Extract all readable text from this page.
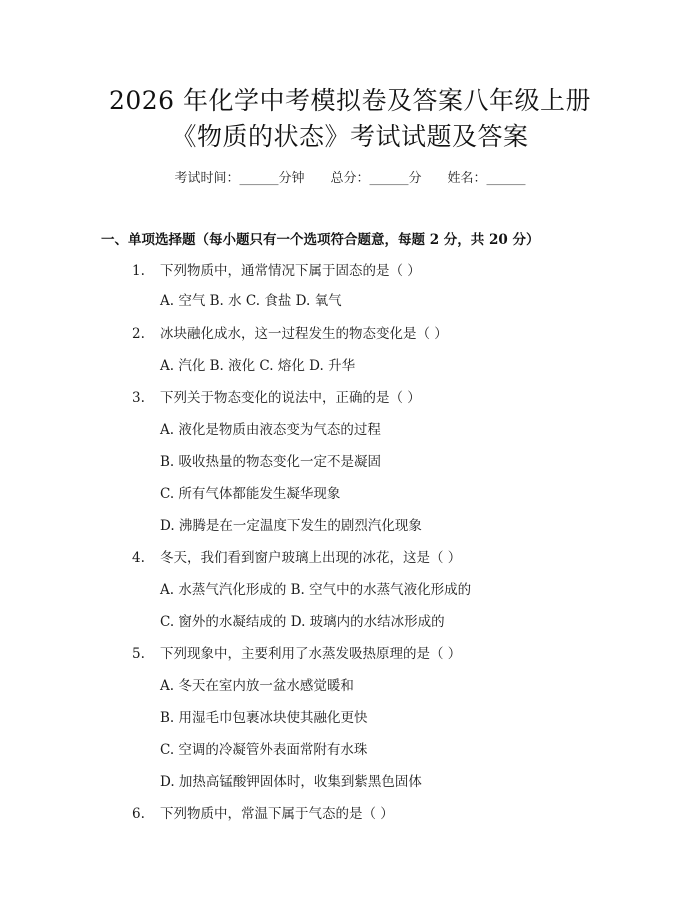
2026 年化学中考模拟卷及答案八年级上册
《物质的状态》考试试题及答案
考试时间：______分钟 总分：______分 姓名：______
一、单项选择题（每小题只有一个选项符合题意，每题 2 分，共 20 分）
1.	下列物质中，通常情况下属于固态的是（ ）
A. 空气 B. 水 C. 食盐 D. 氧气
2.	冰块融化成水，这一过程发生的物态变化是（ ）
A. 汽化 B. 液化 C. 熔化 D. 升华
3.	下列关于物态变化的说法中，正确的是（ ）
A. 液化是物质由液态变为气态的过程
B. 吸收热量的物态变化一定不是凝固
C. 所有气体都能发生凝华现象
D. 沸腾是在一定温度下发生的剧烈汽化现象
4.	冬天，我们看到窗户玻璃上出现的冰花，这是（ ）
A. 水蒸气汽化形成的 B. 空气中的水蒸气液化形成的
C. 窗外的水凝结成的 D. 玻璃内的水结冰形成的
5.	下列现象中，主要利用了水蒸发吸热原理的是（ ）
A. 冬天在室内放一盆水感觉暖和
B. 用湿毛巾包裹冰块使其融化更快
C. 空调的冷凝管外表面常附有水珠
D. 加热高锰酸钾固体时，收集到紫黑色固体
6.	下列物质中，常温下属于气态的是（ ）
